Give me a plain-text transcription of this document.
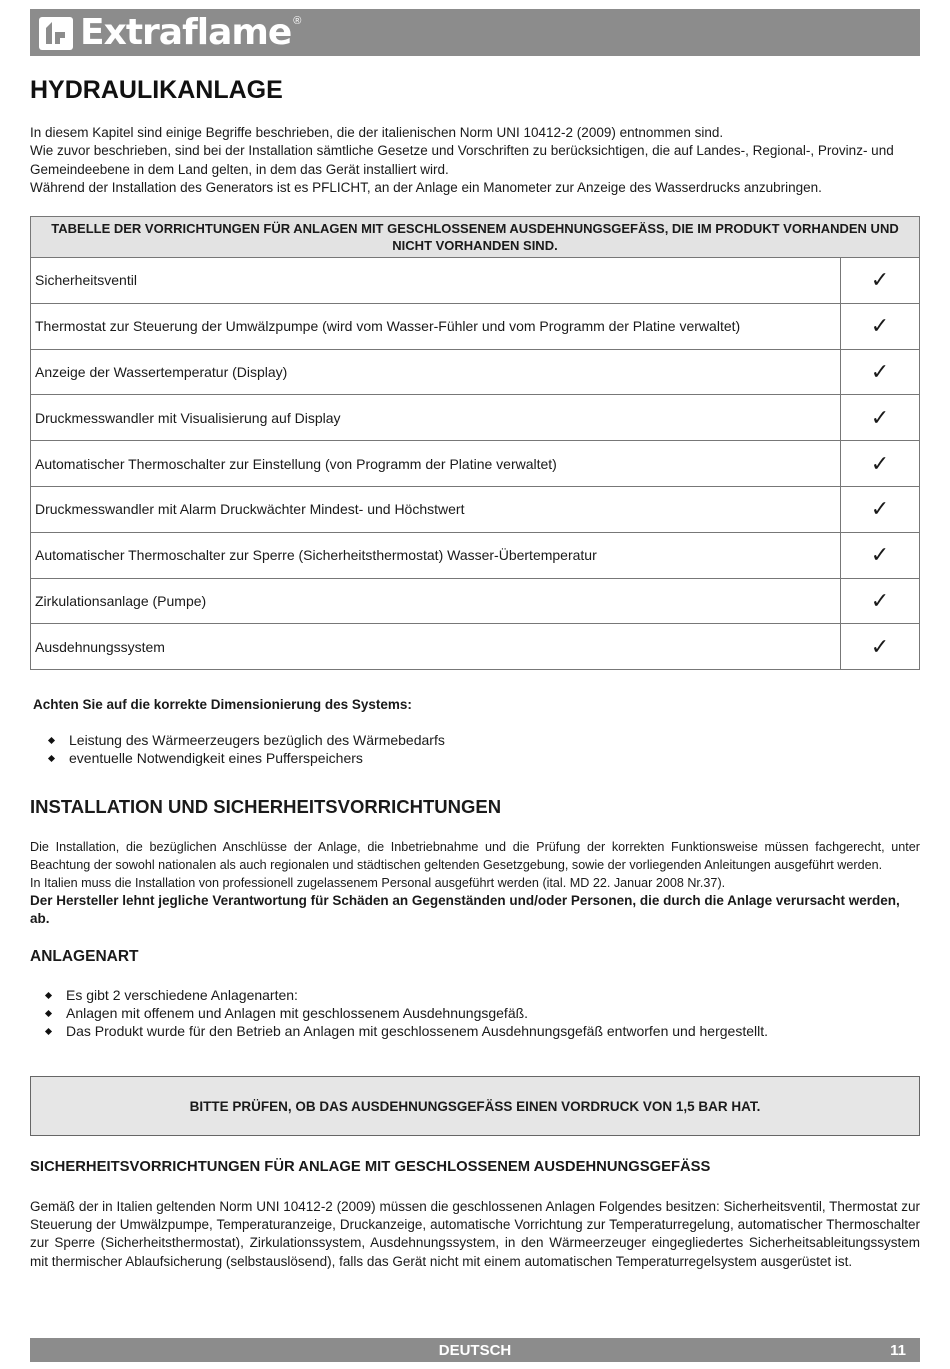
Extraflame ®
HYDRAULIKANLAGE

In diesem Kapitel sind einige Begriffe beschrieben, die der italienischen Norm UNI 10412-2 (2009) entnommen sind.

Wie zuvor beschrieben, sind bei der Installation sämtliche Gesetze und Vorschriften zu berücksichtigen, die auf Landes-, Regional-, Provinz- und Gemeindeebene in dem Land gelten, in dem das Gerät installiert wird.

Während der Installation des Generators ist es PFLICHT, an der Anlage ein Manometer zur Anzeige des Wasserdrucks anzubringen.

TABELLE DER VORRICHTUNGEN FÜR ANLAGEN MIT GESCHLOSSENEM AUSDEHNUNGSGEFÄSS, DIE IM PRODUKT VORHANDEN UND NICHT VORHANDEN SIND.	
Sicherheitsventil	✓
Thermostat zur Steuerung der Umwälzpumpe (wird vom Wasser-Fühler und vom Programm der Platine verwaltet)	✓
Anzeige der Wassertemperatur (Display)	✓
Druckmesswandler mit Visualisierung auf Display	✓
Automatischer Thermoschalter zur Einstellung (von Programm der Platine verwaltet)	✓
Druckmesswandler mit Alarm Druckwächter Mindest- und Höchstwert	✓
Automatischer Thermoschalter zur Sperre (Sicherheitsthermostat) Wasser-Übertemperatur	✓
Zirkulationsanlage (Pumpe)	✓
Ausdehnungssystem	✓
Achten Sie auf die korrekte Dimensionierung des Systems:
Leistung des Wärmeerzeugers bezüglich des Wärmebedarfs
eventuelle Notwendigkeit eines Pufferspeichers
INSTALLATION UND SICHERHEITSVORRICHTUNGEN

Die Installation, die bezüglichen Anschlüsse der Anlage, die Inbetriebnahme und die Prüfung der korrekten Funktionsweise müssen fachgerecht, unter Beachtung der sowohl nationalen als auch regionalen und städtischen geltenden Gesetzgebung, sowie der vorliegenden Anleitungen ausgeführt werden.

In Italien muss die Installation von professionell zugelassenem Personal ausgeführt werden (ital. MD 22. Januar 2008 Nr.37).

Der Hersteller lehnt jegliche Verantwortung für Schäden an Gegenständen und/oder Personen, die durch die Anlage verursacht werden, ab.
ANLAGENART
Es gibt 2 verschiedene Anlagenarten:
Anlagen mit offenem und Anlagen mit geschlossenem Ausdehnungsgefäß.
Das Produkt wurde für den Betrieb an Anlagen mit geschlossenem Ausdehnungsgefäß entworfen und hergestellt.
BITTE PRÜFEN, OB DAS AUSDEHNUNGSGEFÄSS EINEN VORDRUCK VON 1,5 BAR HAT.
SICHERHEITSVORRICHTUNGEN FÜR ANLAGE MIT GESCHLOSSENEM AUSDEHNUNGSGEFÄSS

Gemäß der in Italien geltenden Norm UNI 10412-2 (2009) müssen die geschlossenen Anlagen Folgendes besitzen: Sicherheitsventil, Thermostat zur Steuerung der Umwälzpumpe, Temperaturanzeige, Druckanzeige, automatische Vorrichtung zur Temperaturregelung, automatischer Thermoschalter zur Sperre (Sicherheitsthermostat), Zirkulationssystem, Ausdehnungssystem, in den Wärmeerzeuger eingegliedertes Sicherheitsableitungssystem mit thermischer Ablaufsicherung (selbstauslösend), falls das Gerät nicht mit einem automatischen Temperaturregelsystem ausgerüstet ist.

DEUTSCH	11
